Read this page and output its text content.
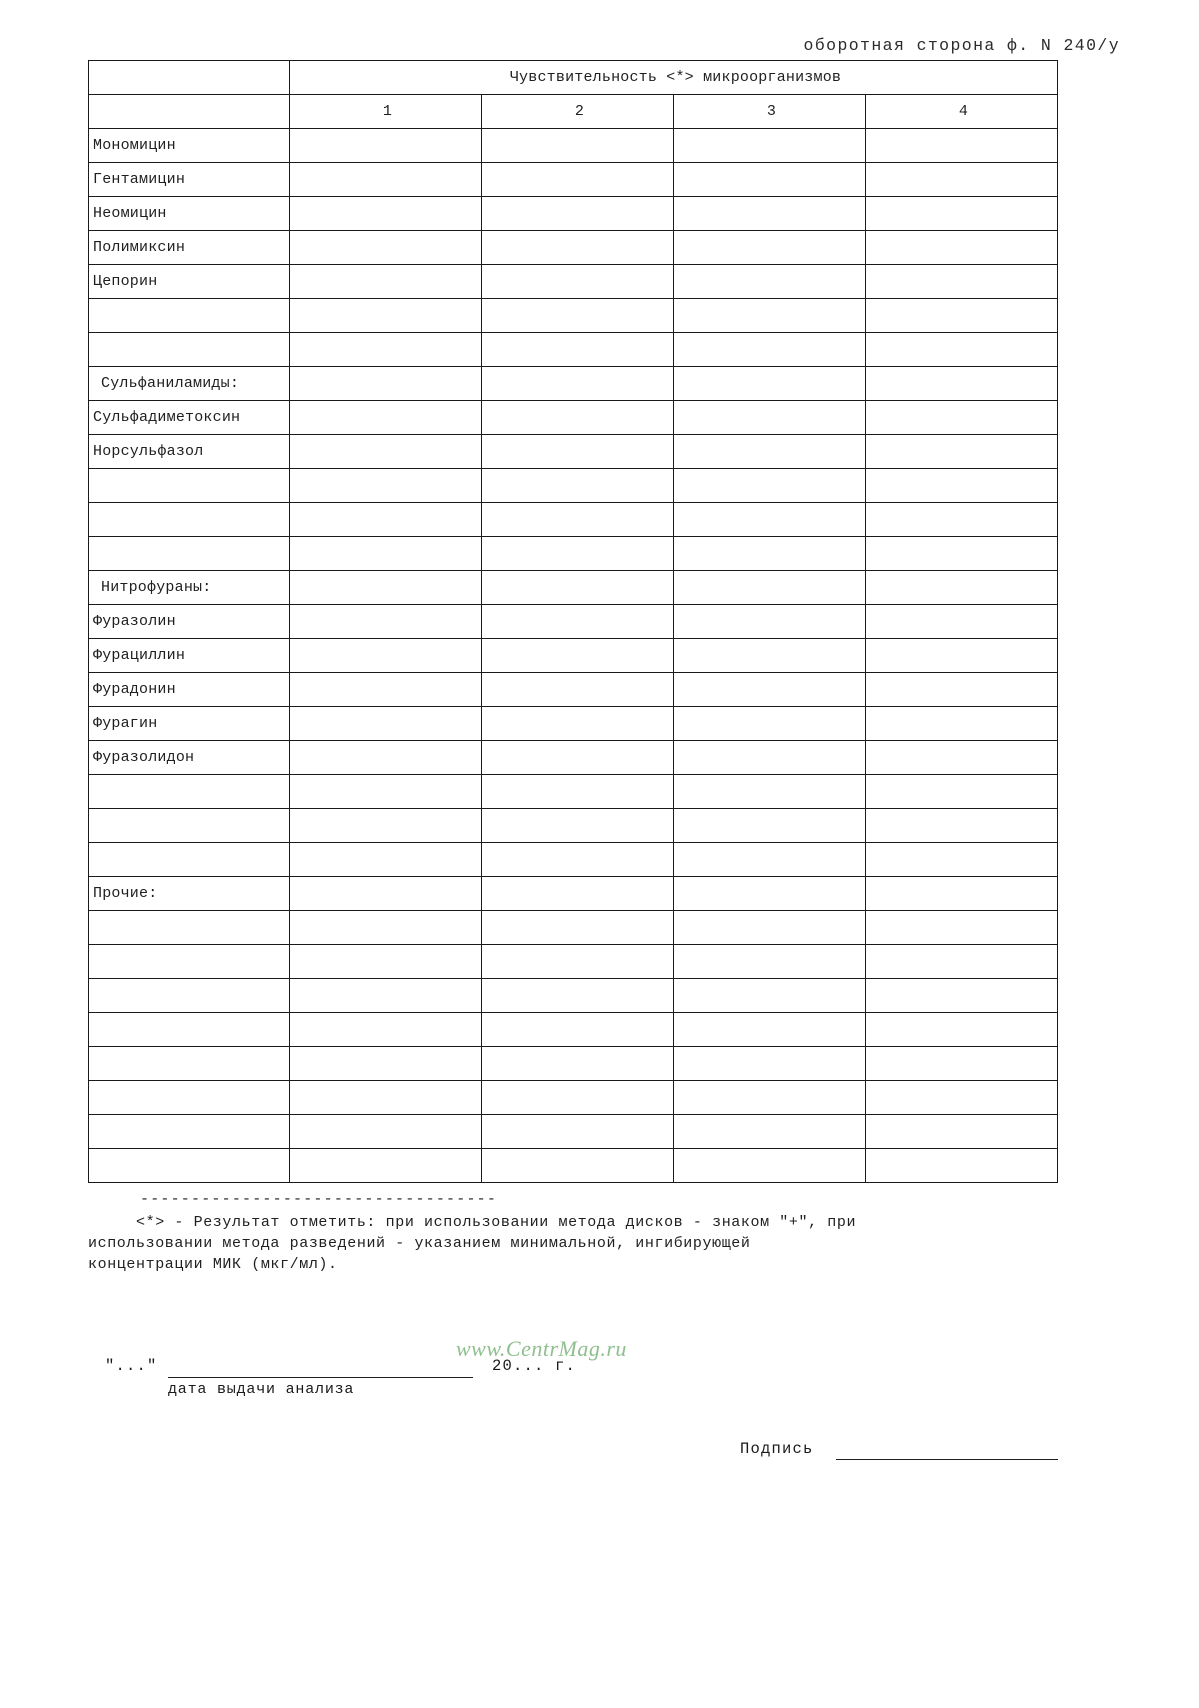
оборотная сторона ф. N 240/у
	Чувствительность <*> микроорганизмов			
	1	2	3	4
Мономицин				
Гентамицин				
Неомицин				
Полимиксин				
Цепорин				

Сульфаниламиды:				
Сульфадиметоксин				
Норсульфазол				

Нитрофураны:				
Фуразолин				
Фурациллин				
Фурадонин				
Фурагин				
Фуразолидон				

Прочие:				

-----------------------------------
<*> - Результат отметить: при использовании метода дисков - знаком "+", при
использовании метода разведений - указанием минимальной, ингибирующей
концентрации МИК (мкг/мл).
www.CentrMag.ru
"..."	20... г.
дата выдачи анализа
Подпись
